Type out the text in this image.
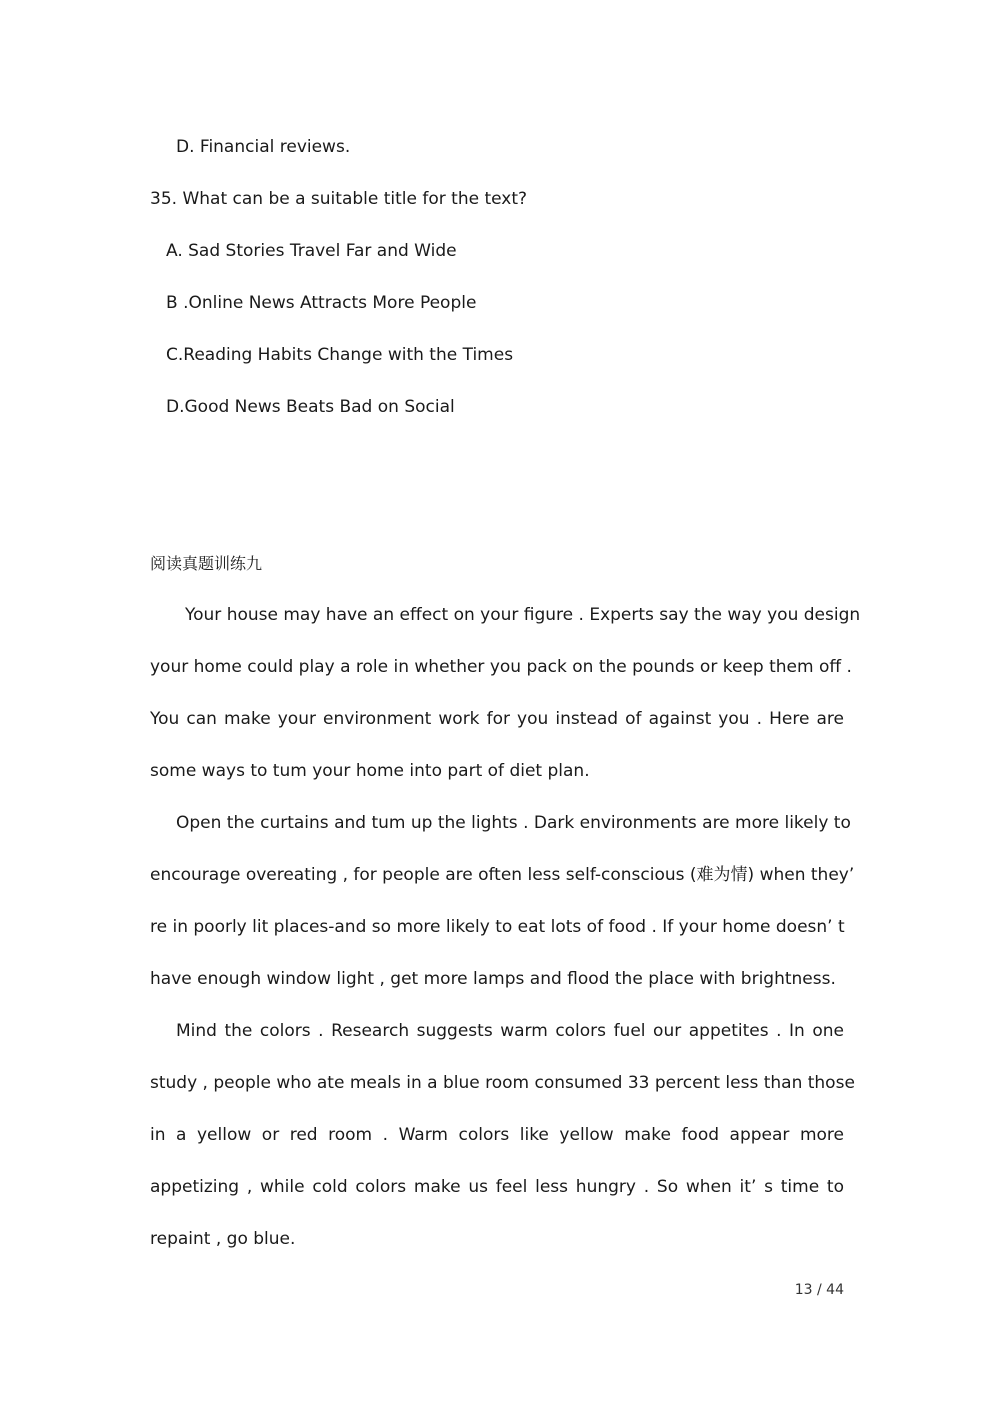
D. Financial reviews.
35. What can be a suitable title for the text?
A. Sad Stories Travel Far and Wide
B .Online News Attracts More People
C.Reading Habits Change with the Times
D.Good News Beats Bad on Social
阅读真题训练九
Your house may have an effect on your figure . Experts say the way you design
your home could play a role in whether you pack on the pounds or keep them off .
You can make your environment work for you instead of against you . Here are
some ways to tum your home into part of diet plan.
Open the curtains and tum up the lights . Dark environments are more likely to
encourage overeating , for people are often less self-conscious (难为情) when they’
re in poorly lit places-and so more likely to eat lots of food . If your home doesn’ t
have enough window light , get more lamps and flood the place with brightness.
Mind the colors . Research suggests warm colors fuel our appetites . In one
study , people who ate meals in a blue room consumed 33 percent less than those
in a yellow or red room . Warm colors like yellow make food appear more
appetizing , while cold colors make us feel less hungry . So when it’ s time to
repaint , go blue.
13 / 44
